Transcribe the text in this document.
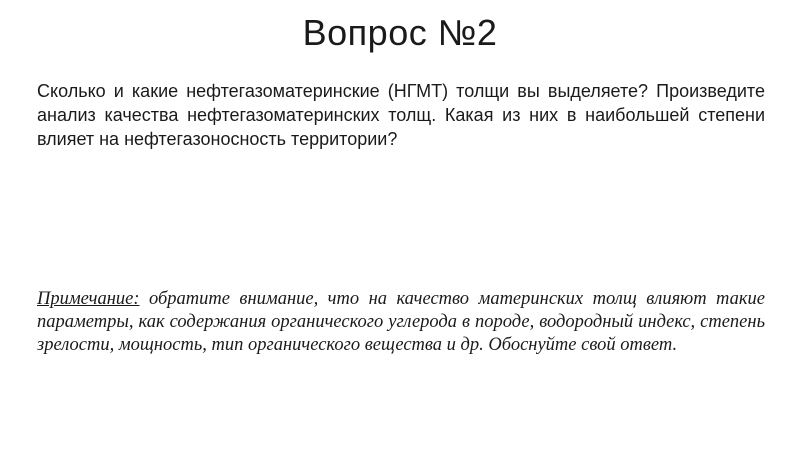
Вопрос №2

Сколько и какие нефтегазоматеринские (НГМТ) толщи вы выделяете? Произведите анализ качества нефтегазоматеринских толщ. Какая из них в наибольшей степени влияет на нефтегазоносность территории?

Примечание: обратите внимание, что на качество материнских толщ влияют такие параметры, как содержания органического углерода в породе, водородный индекс, степень зрелости, мощность, тип органического вещества и др. Обоснуйте свой ответ.
